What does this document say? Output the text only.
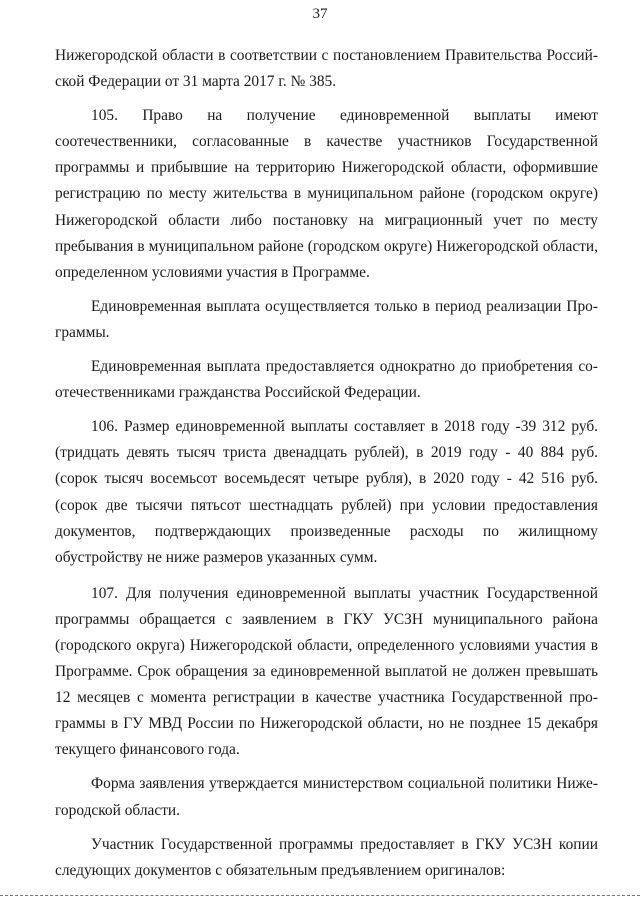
37

Нижегородской области в соответствии с постановлением Правительства Российской Федерации от 31 марта 2017 г. № 385.

105. Право на получение единовременной выплаты имеют соотечественники, согласованные в качестве участников Государственной программы и прибывшие на территорию Нижегородской области, оформившие регистрацию по месту жительства в муниципальном районе (городском округе) Нижегородской области либо постановку на миграционный учет по месту пребывания в муниципальном районе (городском округе) Нижегородской области, определенном условиями участия в Программе.

Единовременная выплата осуществляется только в период реализации Программы.

Единовременная выплата предоставляется однократно до приобретения соотечественниками гражданства Российской Федерации.

106. Размер единовременной выплаты составляет в 2018 году -39 312 руб. (тридцать девять тысяч триста двенадцать рублей), в 2019 году - 40 884 руб. (сорок тысяч восемьсот восемьдесят четыре рубля), в 2020 году - 42 516 руб. (сорок две тысячи пятьсот шестнадцать рублей) при условии предоставления документов, подтверждающих произведенные расходы по жилищному обустройству не ниже размеров указанных сумм.

107. Для получения единовременной выплаты участник Государственной программы обращается с заявлением в ГКУ УСЗН муниципального района (городского округа) Нижегородской области, определенного условиями участия в Программе. Срок обращения за единовременной выплатой не должен превышать 12 месяцев с момента регистрации в качестве участника Государственной программы в ГУ МВД России по Нижегородской области, но не позднее 15 декабря текущего финансового года.

Форма заявления утверждается министерством социальной политики Нижегородской области.

Участник Государственной программы предоставляет в ГКУ УСЗН копии следующих документов с обязательным предъявлением оригиналов:
